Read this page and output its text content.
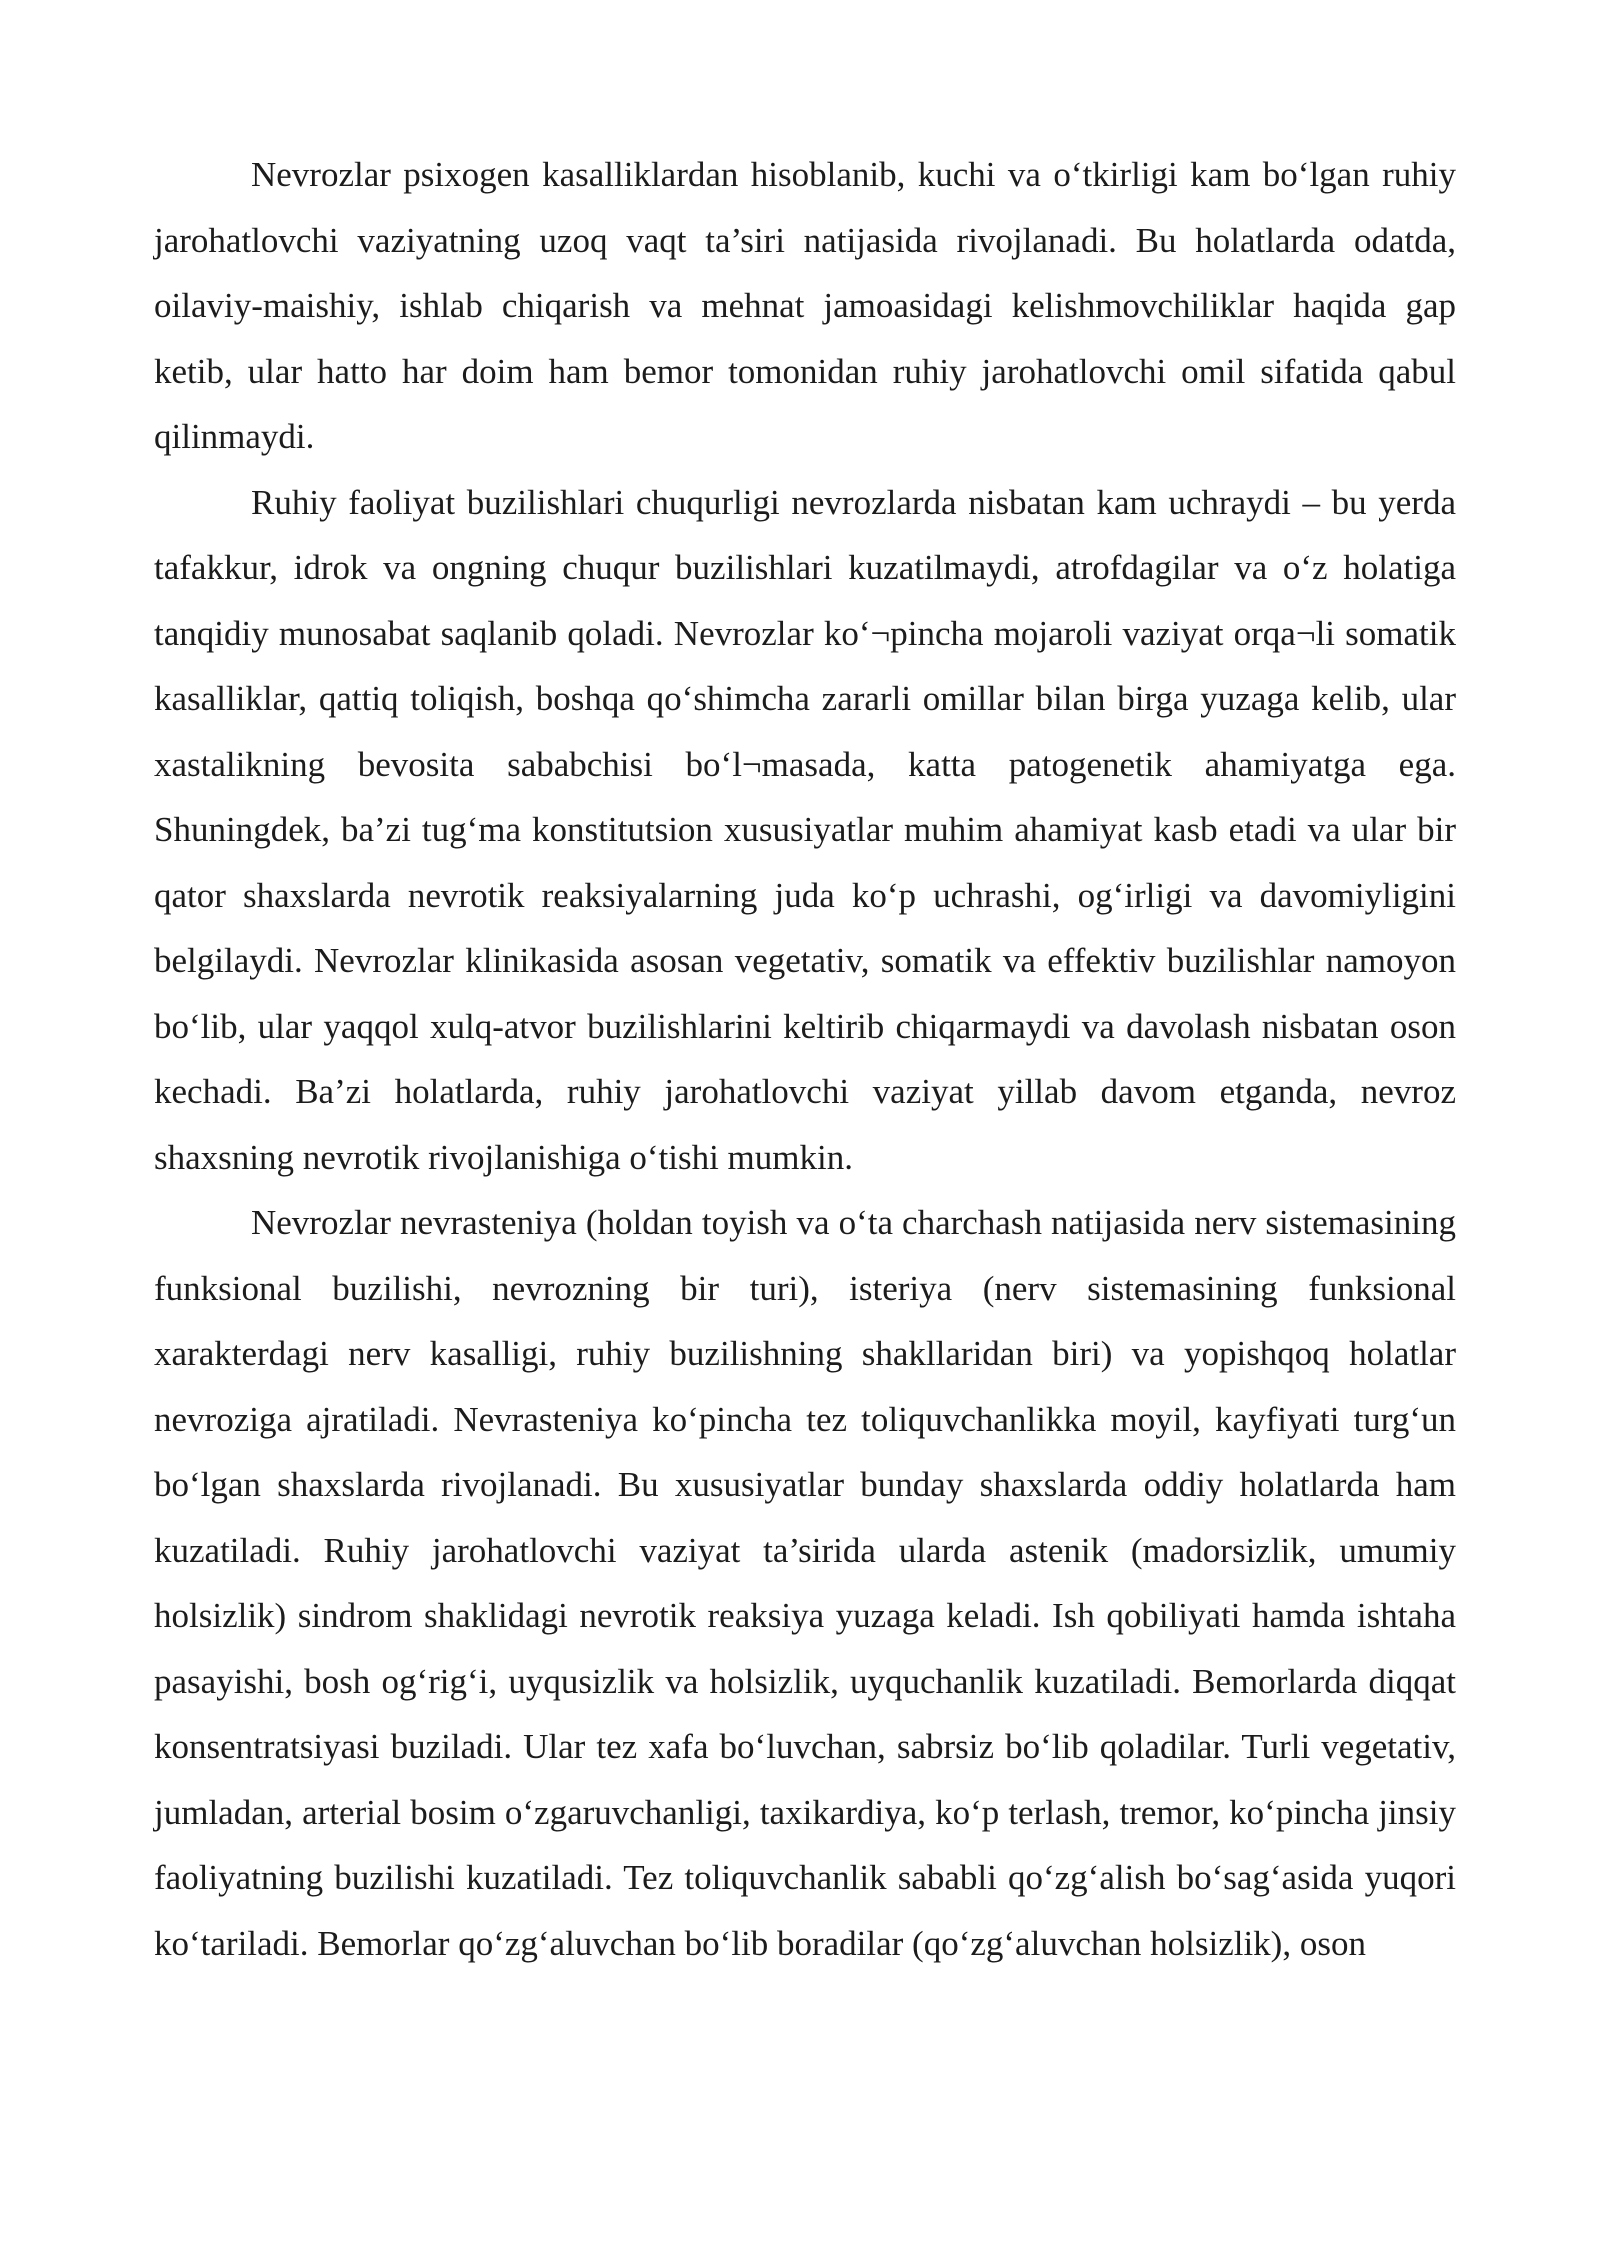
Nevrozlar psixogen kasalliklardan hisoblanib, kuchi va o‘tkirligi kam bo‘lgan ruhiy jarohatlovchi vaziyatning uzoq vaqt ta’siri natijasida rivojlanadi. Bu holatlarda odatda, oilaviy-maishiy, ishlab chiqarish va mehnat jamoasidagi kelishmovchiliklar haqida gap ketib, ular hatto har doim ham bemor tomonidan ruhiy jarohatlovchi omil sifatida qabul qilinmaydi.

Ruhiy faoliyat buzilishlari chuqurligi nevrozlarda nisbatan kam uchraydi – bu yerda tafakkur, idrok va ongning chuqur buzilishlari kuzatilmaydi, atrofdagilar va o‘z holatiga tanqidiy munosabat saqlanib qoladi. Nevrozlar ko‘¬pincha mojaroli vaziyat orqa¬li somatik kasalliklar, qattiq toliqish, boshqa qo‘shimcha zararli omillar bilan birga yuzaga kelib, ular xastalikning bevosita sababchisi bo‘l¬masada, katta patogenetik ahamiyatga ega. Shuningdek, ba’zi tug‘ma konstitutsion xususiyatlar muhim ahamiyat kasb etadi va ular bir qator shaxslarda nevrotik reaksiyalarning juda ko‘p uchrashi, og‘irligi va davomiyligini belgilaydi. Nevrozlar klinikasida asosan vegetativ, somatik va effektiv buzilishlar namoyon bo‘lib, ular yaqqol xulq-atvor buzilishlarini keltirib chiqarmaydi va davolash nisbatan oson kechadi. Ba’zi holatlarda, ruhiy jarohatlovchi vaziyat yillab davom etganda, nevroz shaxsning nevrotik rivojlanishiga o‘tishi mumkin.

Nevrozlar nevrasteniya (holdan toyish va o‘ta charchash natijasida nerv sistemasining funksional buzilishi, nevrozning bir turi), isteriya (nerv sistemasining funksional xarakterdagi nerv kasalligi, ruhiy buzilishning shakllaridan biri) va yopishqoq holatlar nevroziga ajratiladi. Nevrasteniya ko‘pincha tez toliquvchanlikka moyil, kayfiyati turg‘un bo‘lgan shaxslarda rivojlanadi. Bu xususiyatlar bunday shaxslarda oddiy holatlarda ham kuzatiladi. Ruhiy jarohatlovchi vaziyat ta’sirida ularda astenik (madorsizlik, umumiy holsizlik) sindrom shaklidagi nevrotik reaksiya yuzaga keladi. Ish qobiliyati hamda ishtaha pasayishi, bosh og‘rig‘i, uyqusizlik va holsizlik, uyquchanlik kuzatiladi. Bemorlarda diqqat konsentratsiyasi buziladi. Ular tez xafa bo‘luvchan, sabrsiz bo‘lib qoladilar. Turli vegetativ, jumladan, arterial bosim o‘zgaruvchanligi, taxikardiya, ko‘p terlash, tremor, ko‘pincha jinsiy faoliyatning buzilishi kuzatiladi. Tez toliquvchanlik sababli qo‘zg‘alish bo‘sag‘asida yuqori ko‘tariladi. Bemorlar qo‘zg‘aluvchan bo‘lib boradilar (qo‘zg‘aluvchan holsizlik), oson
